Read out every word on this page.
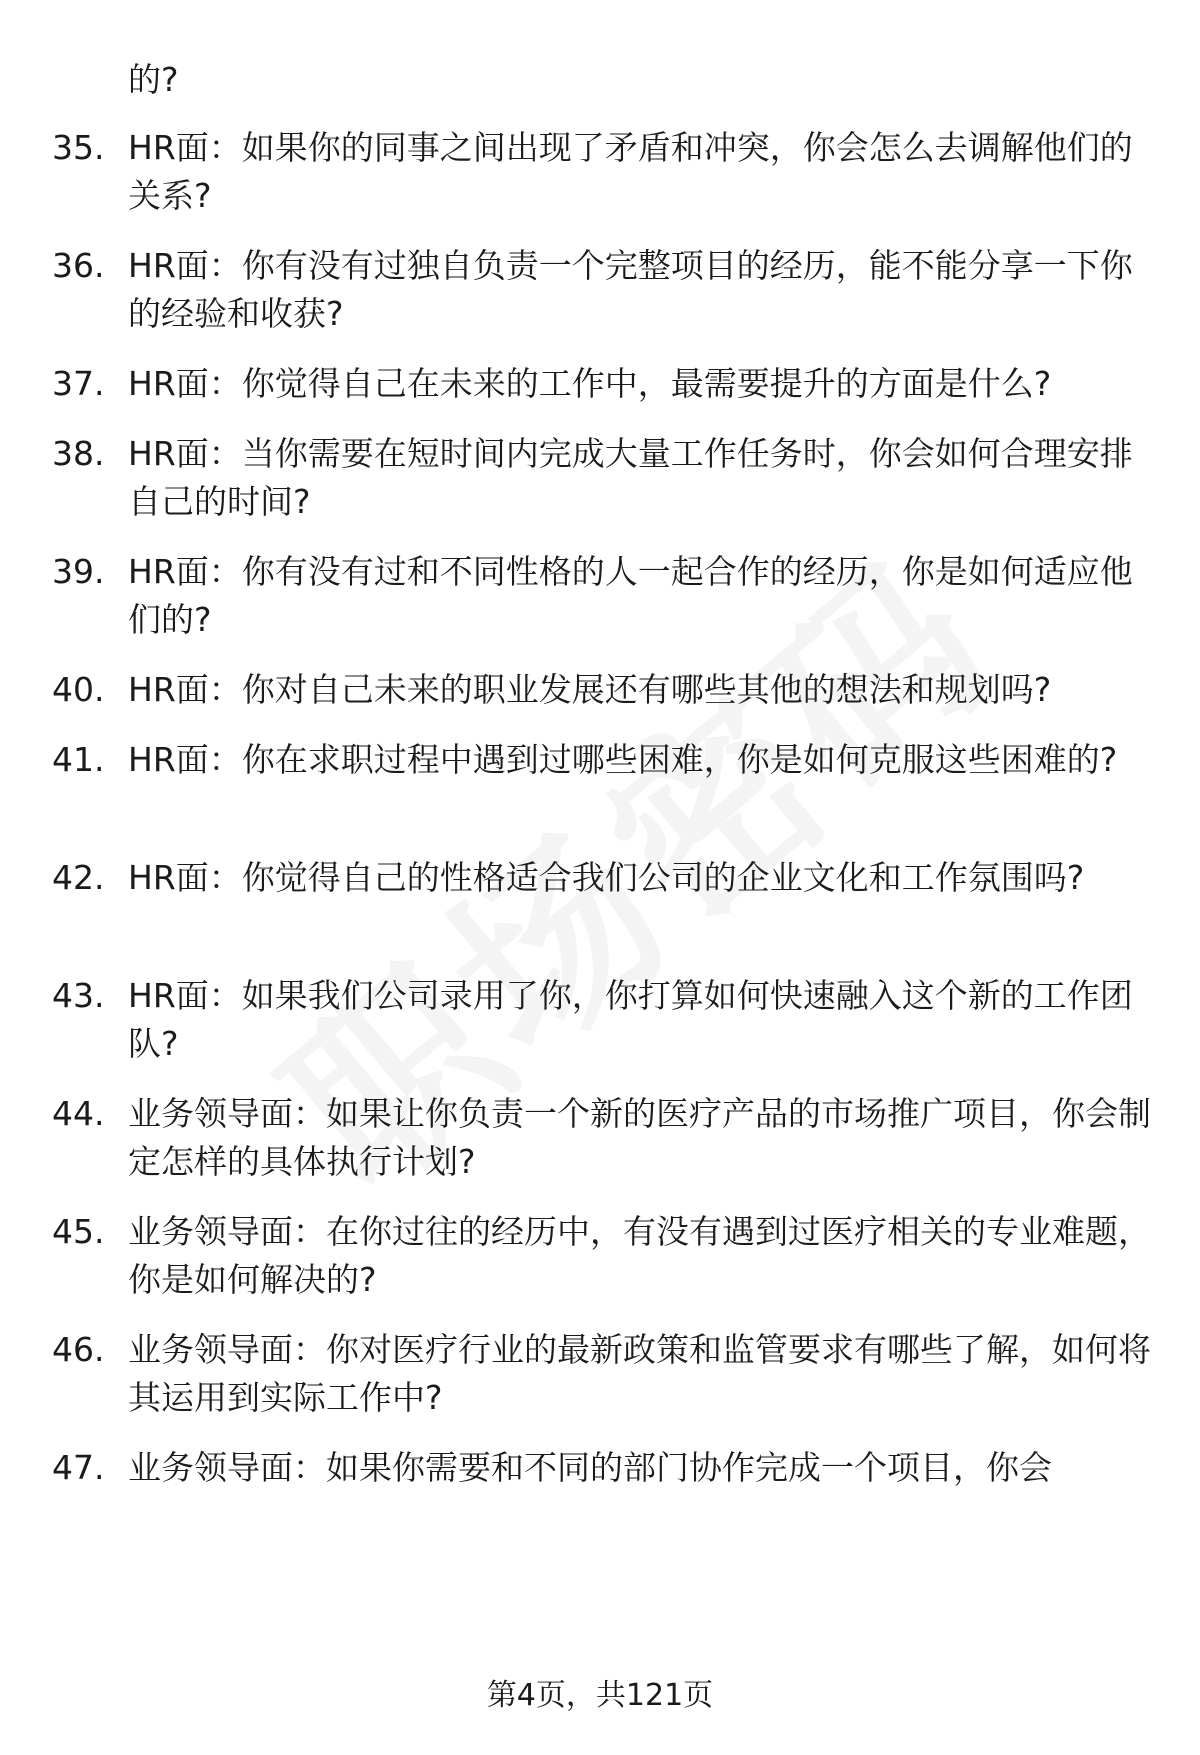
的?
35. HR面：如果你的同事之间出现了矛盾和冲突，你会怎么去调解他们的关系?
36. HR面：你有没有过独自负责一个完整项目的经历，能不能分享一下你的经验和收获?
37. HR面：你觉得自己在未来的工作中，最需要提升的方面是什么?
38. HR面：当你需要在短时间内完成大量工作任务时，你会如何合理安排自己的时间?
39. HR面：你有没有过和不同性格的人一起合作的经历，你是如何适应他们的?
40. HR面：你对自己未来的职业发展还有哪些其他的想法和规划吗?
41. HR面：你在求职过程中遇到过哪些困难，你是如何克服这些困难的?
42. HR面：你觉得自己的性格适合我们公司的企业文化和工作氛围吗?
43. HR面：如果我们公司录用了你，你打算如何快速融入这个新的工作团队?
44. 业务领导面：如果让你负责一个新的医疗产品的市场推广项目，你会制定怎样的具体执行计划?
45. 业务领导面：在你过往的经历中，有没有遇到过医疗相关的专业难题，你是如何解决的?
46. 业务领导面：你对医疗行业的最新政策和监管要求有哪些了解，如何将其运用到实际工作中?
47. 业务领导面：如果你需要和不同的部门协作完成一个项目，你会
第4页，共121页
